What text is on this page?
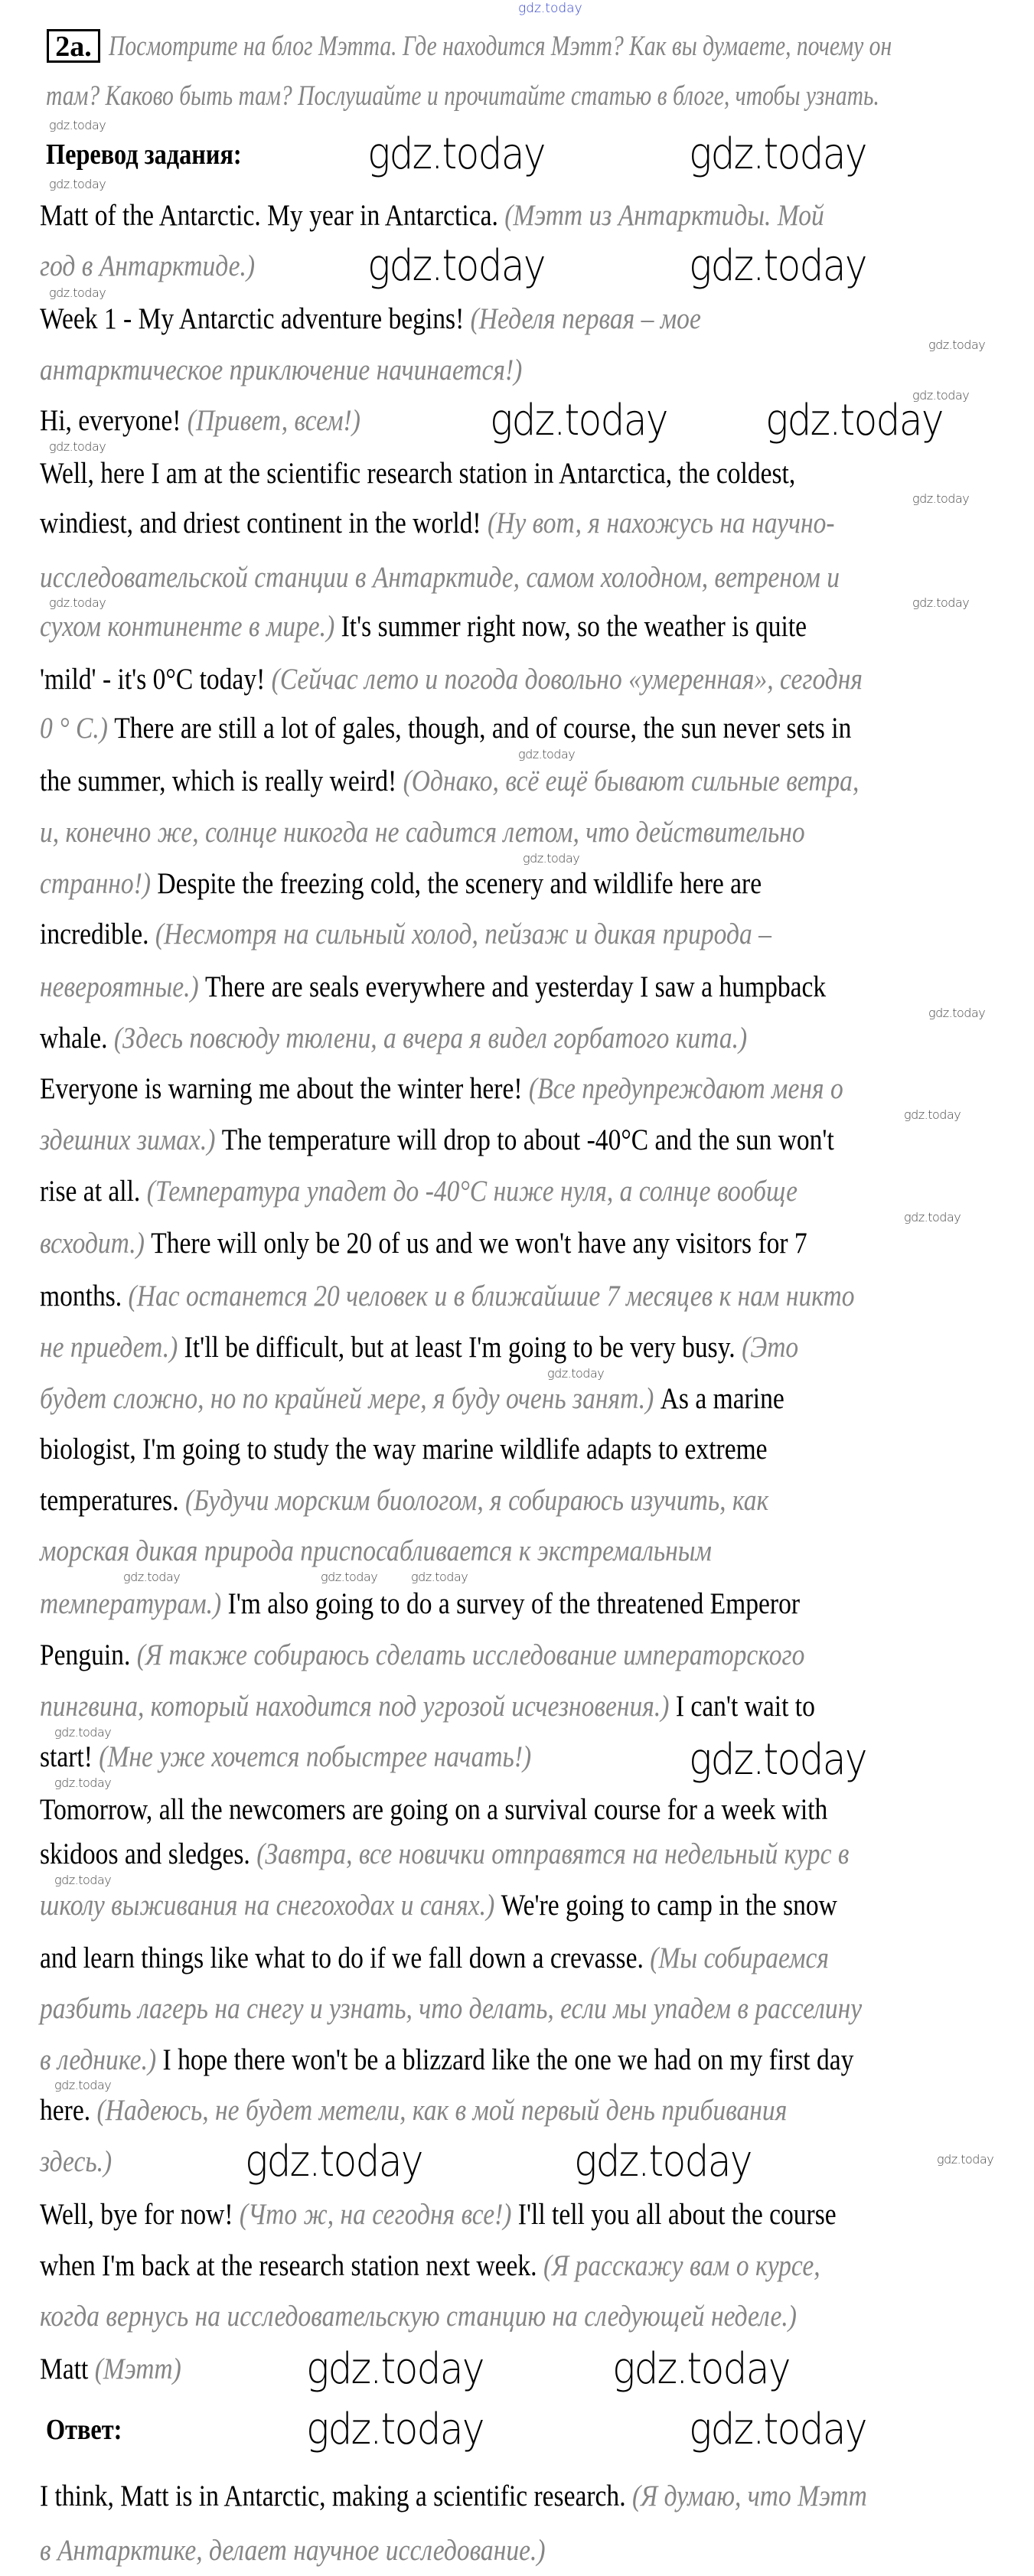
2a. Посмотрите на блог Мэтта. Где находится Мэтт? Как вы думаете, почему он
там? Каково быть там? Послушайте и прочитайте статью в блоге, чтобы узнать.
Перевод задания:
Ответ:
Matt of the Antarctic. My year in Antarctica. (Мэтт из Антарктиды. Мой
год в Антарктиде.)
Week 1 - My Antarctic adventure begins! (Неделя первая – мое
антарктическое приключение начинается!)
Hi, everyone! (Привет, всем!)
Well, here I am at the scientific research station in Antarctica, the coldest,
windiest, and driest continent in the world! (Ну вот, я нахожусь на научно-
исследовательской станции в Антарктиде, самом холодном, ветреном и
сухом континенте в мире.) It's summer right now, so the weather is quite
'mild' - it's 0°C today! (Сейчас лето и погода довольно «умеренная», сегодня
0 ° C.) There are still a lot of gales, though, and of course, the sun never sets in
the summer, which is really weird! (Однако, всё ещё бывают сильные ветра,
и, конечно же, солнце никогда не садится летом, что действительно
странно!) Despite the freezing cold, the scenery and wildlife here are
incredible. (Несмотря на сильный холод, пейзаж и дикая природа –
невероятные.) There are seals everywhere and yesterday I saw a humpback
whale. (Здесь повсюду тюлени, а вчера я видел горбатого кита.)
Everyone is warning me about the winter here! (Все предупреждают меня о
здешних зимах.) The temperature will drop to about -40°C and the sun won't
rise at all. (Температура упадет до -40°C ниже нуля, а солнце вообще
всходит.) There will only be 20 of us and we won't have any visitors for 7
months. (Нас останется 20 человек и в ближайшие 7 месяцев к нам никто
не приедет.) It'll be difficult, but at least I'm going to be very busy. (Это
будет сложно, но по крайней мере, я буду очень занят.) As a marine
biologist, I'm going to study the way marine wildlife adapts to extreme
temperatures. (Будучи морским биологом, я собираюсь изучить, как
морская дикая природа приспосабливается к экстремальным
температурам.) I'm also going to do a survey of the threatened Emperor
Penguin. (Я также собираюсь сделать исследование императорского
пингвина, который находится под угрозой исчезновения.) I can't wait to
start! (Мне уже хочется побыстрее начать!)
Tomorrow, all the newcomers are going on a survival course for a week with
skidoos and sledges. (Завтра, все новички отправятся на недельный курс в
школу выживания на снегоходах и санях.) We're going to camp in the snow
and learn things like what to do if we fall down a crevasse. (Мы собираемся
разбить лагерь на снегу и узнать, что делать, если мы упадем в расселину
в леднике.) I hope there won't be a blizzard like the one we had on my first day
here. (Надеюсь, не будет метели, как в мой первый день прибивания
здесь.)
Well, bye for now! (Что ж, на сегодня все!) I'll tell you all about the course
when I'm back at the research station next week. (Я расскажу вам о курсе,
когда вернусь на исследовательскую станцию на следующей неделе.)
Matt (Мэтт)
I think, Matt is in Antarctic, making a scientific research. (Я думаю, что Мэтт
в Антарктике, делает научное исследование.)
gdz.today
gdz.today
gdz.today	gdz.today
gdz.today
gdz.today	gdz.today
gdz.today
gdz.today
gdz.today
gdz.today gdz.today
gdz.today
gdz.today
gdz.today	gdz.today
gdz.today
gdz.today
gdz.today
gdz.today
gdz.today
gdz.today
gdz.today	gdz.today	gdz.today
gdz.today
gdz.today
gdz.today
gdz.today
gdz.today
gdz.today
gdz.today	gdz.today
gdz.today	gdz.today
gdz.today	gdz.today
